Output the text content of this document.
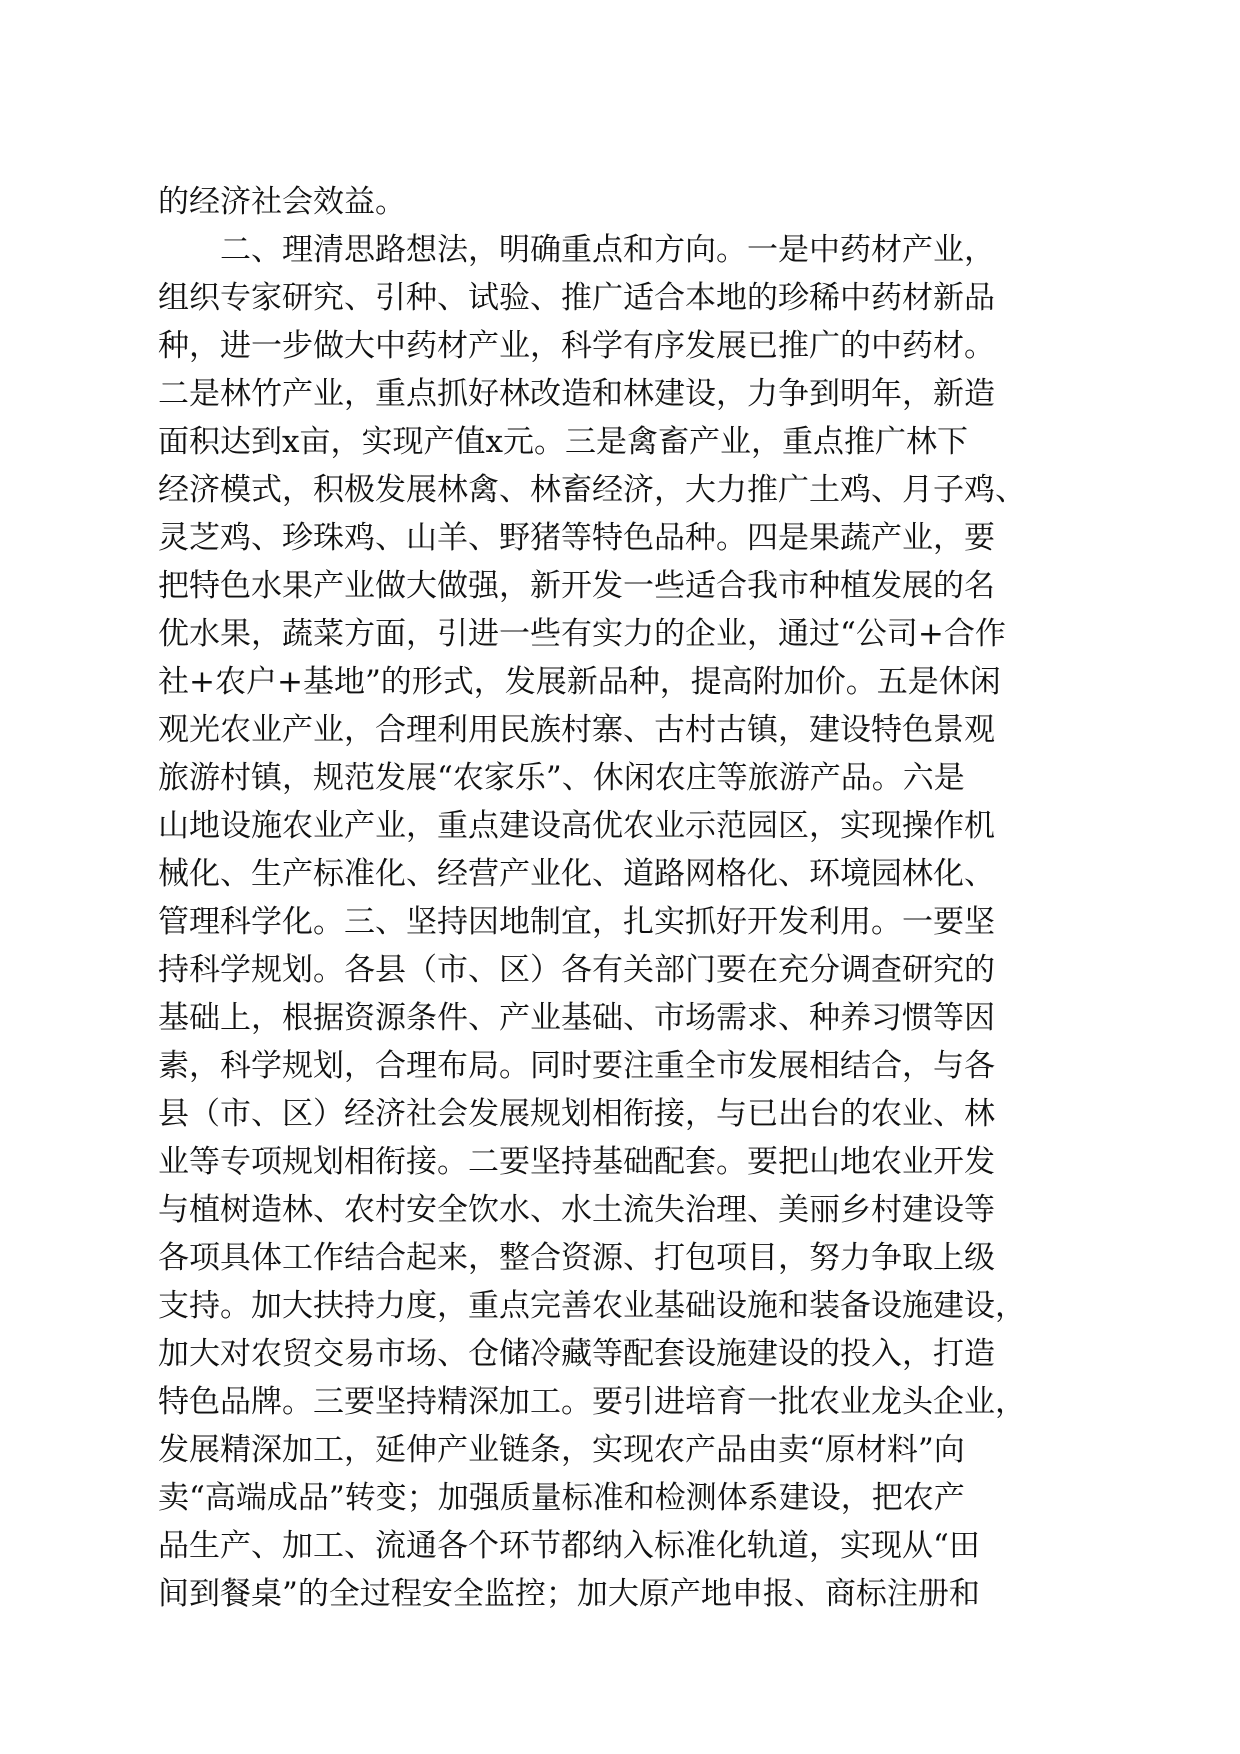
的经济社会效益。
二、理清思路想法，明确重点和方向。一是中药材产业，
组织专家研究、引种、试验、推广适合本地的珍稀中药材新品
种，进一步做大中药材产业，科学有序发展已推广的中药材。
二是林竹产业，重点抓好林改造和林建设，力争到明年，新造
面积达到x亩，实现产值x元。三是禽畜产业，重点推广林下
经济模式，积极发展林禽、林畜经济，大力推广土鸡、月子鸡、
灵芝鸡、珍珠鸡、山羊、野猪等特色品种。四是果蔬产业，要
把特色水果产业做大做强，新开发一些适合我市种植发展的名
优水果，蔬菜方面，引进一些有实力的企业，通过“公司+合作
社+农户+基地”的形式，发展新品种，提高附加价。五是休闲
观光农业产业，合理利用民族村寨、古村古镇，建设特色景观
旅游村镇，规范发展“农家乐”、休闲农庄等旅游产品。六是
山地设施农业产业，重点建设高优农业示范园区，实现操作机
械化、生产标准化、经营产业化、道路网格化、环境园林化、
管理科学化。三、坚持因地制宜，扎实抓好开发利用。一要坚
持科学规划。各县（市、区）各有关部门要在充分调查研究的
基础上，根据资源条件、产业基础、市场需求、种养习惯等因
素，科学规划，合理布局。同时要注重全市发展相结合，与各
县（市、区）经济社会发展规划相衔接，与已出台的农业、林
业等专项规划相衔接。二要坚持基础配套。要把山地农业开发
与植树造林、农村安全饮水、水土流失治理、美丽乡村建设等
各项具体工作结合起来，整合资源、打包项目，努力争取上级
支持。加大扶持力度，重点完善农业基础设施和装备设施建设，
加大对农贸交易市场、仓储冷藏等配套设施建设的投入，打造
特色品牌。三要坚持精深加工。要引进培育一批农业龙头企业，
发展精深加工，延伸产业链条，实现农产品由卖“原材料”向
卖“高端成品”转变；加强质量标准和检测体系建设，把农产
品生产、加工、流通各个环节都纳入标准化轨道，实现从“田
间到餐桌”的全过程安全监控；加大原产地申报、商标注册和
